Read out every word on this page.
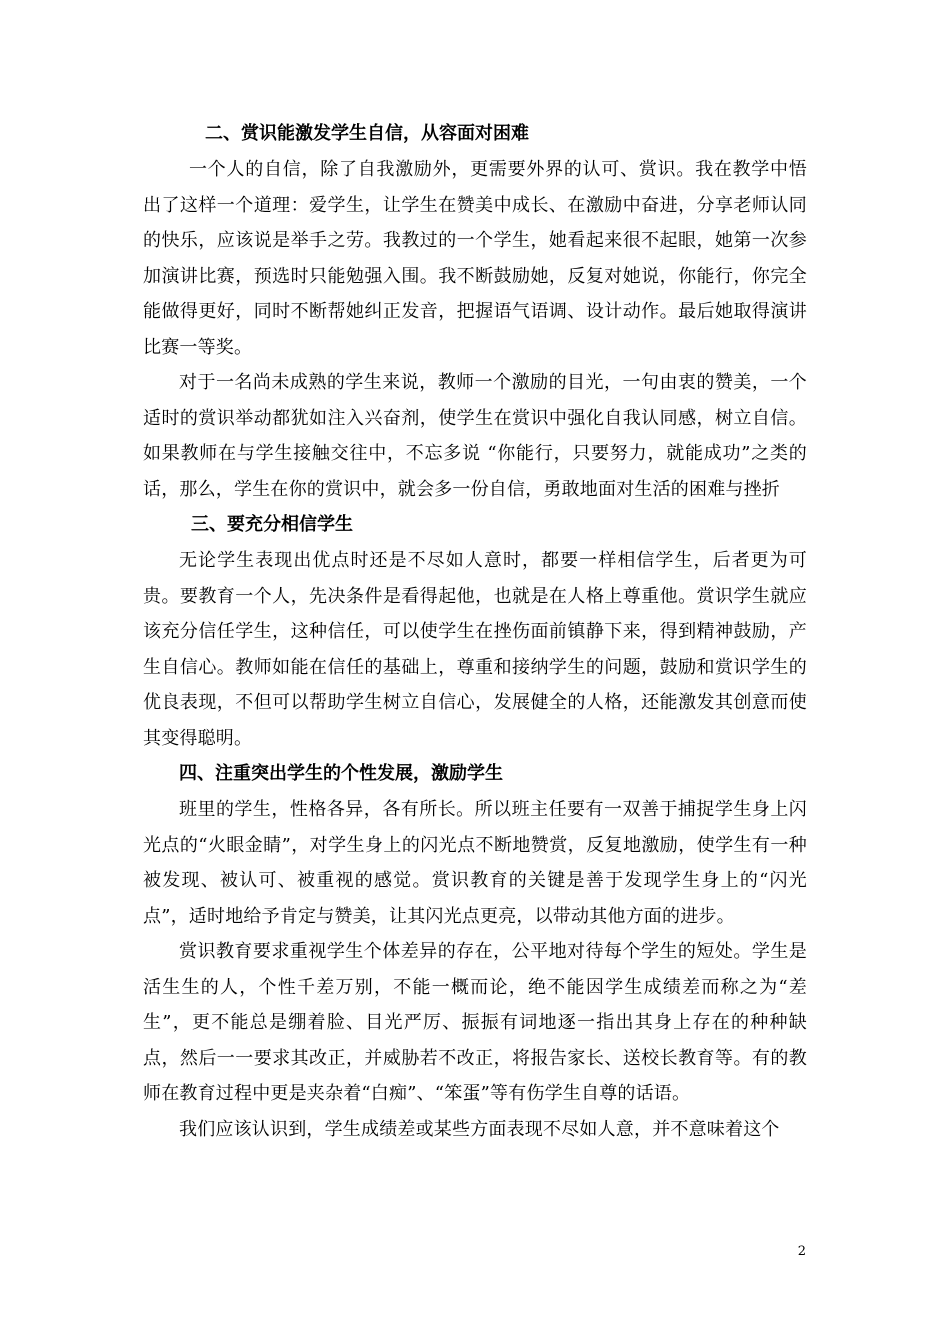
二、赏识能激发学生自信，从容面对困难

一个人的自信，除了自我激励外，更需要外界的认可、赏识。我在教学中悟出了这样一个道理：爱学生，让学生在赞美中成长、在激励中奋进，分享老师认同的快乐，应该说是举手之劳。我教过的一个学生，她看起来很不起眼，她第一次参加演讲比赛，预选时只能勉强入围。我不断鼓励她，反复对她说，你能行，你完全能做得更好，同时不断帮她纠正发音，把握语气语调、设计动作。最后她取得演讲比赛一等奖。

对于一名尚未成熟的学生来说，教师一个激励的目光，一句由衷的赞美，一个适时的赏识举动都犹如注入兴奋剂，使学生在赏识中强化自我认同感，树立自信。如果教师在与学生接触交往中，不忘多说 “你能行，只要努力，就能成功”之类的话，那么，学生在你的赏识中，就会多一份自信，勇敢地面对生活的困难与挫折

三、要充分相信学生

无论学生表现出优点时还是不尽如人意时，都要一样相信学生，后者更为可贵。要教育一个人，先决条件是看得起他，也就是在人格上尊重他。赏识学生就应该充分信任学生，这种信任，可以使学生在挫伤面前镇静下来，得到精神鼓励，产生自信心。教师如能在信任的基础上，尊重和接纳学生的问题，鼓励和赏识学生的优良表现，不但可以帮助学生树立自信心，发展健全的人格，还能激发其创意而使其变得聪明。

四、注重突出学生的个性发展，激励学生

班里的学生，性格各异，各有所长。所以班主任要有一双善于捕捉学生身上闪光点的“火眼金睛”，对学生身上的闪光点不断地赞赏，反复地激励，使学生有一种被发现、被认可、被重视的感觉。赏识教育的关键是善于发现学生身上的“闪光点”，适时地给予肯定与赞美，让其闪光点更亮，以带动其他方面的进步。

赏识教育要求重视学生个体差异的存在，公平地对待每个学生的短处。学生是活生生的人，个性千差万别，不能一概而论，绝不能因学生成绩差而称之为“差生”，更不能总是绷着脸、目光严厉、振振有词地逐一指出其身上存在的种种缺点，然后一一要求其改正，并威胁若不改正，将报告家长、送校长教育等。有的教师在教育过程中更是夹杂着“白痴”、“笨蛋”等有伤学生自尊的话语。

我们应该认识到，学生成绩差或某些方面表现不尽如人意，并不意味着这个

2
